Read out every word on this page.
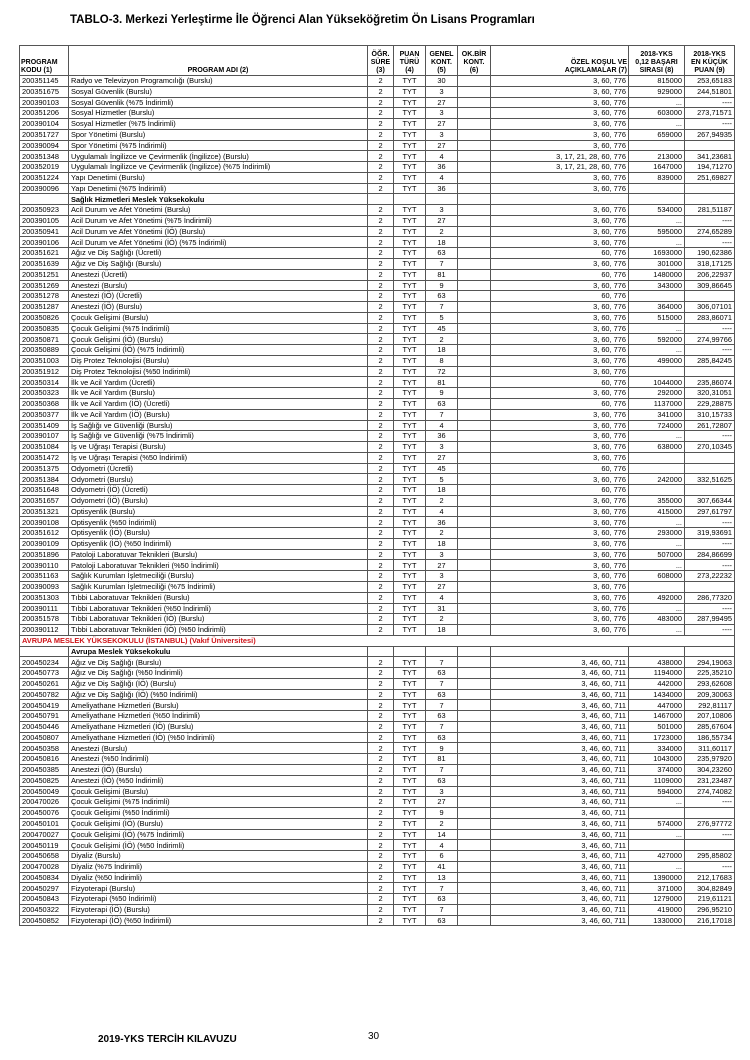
TABLO-3. Merkezi Yerleştirme İle Öğrenci Alan Yükseköğretim Ön Lisans Programları
PROGRAM
KODU (1)	PROGRAM ADI (2)	ÖĞR.
SÜRE
(3)	PUAN
TÜRÜ
(4)	GENEL
KONT.
(5)	OK.BİR
KONT.
(6)	ÖZEL KOŞUL VE
AÇIKLAMALAR (7)	2018-YKS
0,12 BAŞARI
SIRASI (8)	2018-YKS
EN KÜÇÜK
PUAN (9)
200351145	Radyo ve Televizyon Programcılığı (Burslu)	2	TYT	30		3, 60, 776	815000	253,65183
200351675	Sosyal Güvenlik (Burslu)	2	TYT	3		3, 60, 776	929000	244,51801
200390103	Sosyal Güvenlik (%75 İndirimli)	2	TYT	27		3, 60, 776	...	----
200351206	Sosyal Hizmetler (Burslu)	2	TYT	3		3, 60, 776	603000	273,71571
200390104	Sosyal Hizmetler (%75 İndirimli)	2	TYT	27		3, 60, 776	...	----
200351727	Spor Yönetimi (Burslu)	2	TYT	3		3, 60, 776	659000	267,94935
200390094	Spor Yönetimi (%75 İndirimli)	2	TYT	27		3, 60, 776		
200351348	Uygulamalı İngilizce ve Çevirmenlik (İngilizce) (Burslu)	2	TYT	4		3, 17, 21, 28, 60, 776	213000	341,23681
200352019	Uygulamalı İngilizce ve Çevirmenlik (İngilizce) (%75 İndirimli)	2	TYT	36		3, 17, 21, 28, 60, 776	1647000	194,71270
200351224	Yapı Denetimi (Burslu)	2	TYT	4		3, 60, 776	839000	251,69827
200390096	Yapı Denetimi (%75 İndirimli)	2	TYT	36		3, 60, 776		
	Sağlık Hizmetleri Meslek Yüksekokulu							
200350923	Acil Durum ve Afet Yönetimi (Burslu)	2	TYT	3		3, 60, 776	534000	281,51187
200390105	Acil Durum ve Afet Yönetimi (%75 İndirimli)	2	TYT	27		3, 60, 776	...	----
200350941	Acil Durum ve Afet Yönetimi (İÖ) (Burslu)	2	TYT	2		3, 60, 776	595000	274,65289
200390106	Acil Durum ve Afet Yönetimi (İÖ) (%75 İndirimli)	2	TYT	18		3, 60, 776	...	----
200351621	Ağız ve Diş Sağlığı (Ücretli)	2	TYT	63		60, 776	1693000	190,62386
200351639	Ağız ve Diş Sağlığı (Burslu)	2	TYT	7		3, 60, 776	301000	318,17125
200351251	Anestezi (Ücretli)	2	TYT	81		60, 776	1480000	206,22937
200351269	Anestezi (Burslu)	2	TYT	9		3, 60, 776	343000	309,86645
200351278	Anestezi (İÖ) (Ücretli)	2	TYT	63		60, 776		
200351287	Anestezi (İÖ) (Burslu)	2	TYT	7		3, 60, 776	364000	306,07101
200350826	Çocuk Gelişimi (Burslu)	2	TYT	5		3, 60, 776	515000	283,86071
200350835	Çocuk Gelişimi (%75 İndirimli)	2	TYT	45		3, 60, 776	...	----
200350871	Çocuk Gelişimi (İÖ) (Burslu)	2	TYT	2		3, 60, 776	592000	274,99766
200350889	Çocuk Gelişimi (İÖ) (%75 İndirimli)	2	TYT	18		3, 60, 776	...	----
200351003	Diş Protez Teknolojisi (Burslu)	2	TYT	8		3, 60, 776	499000	285,84245
200351912	Diş Protez Teknolojisi (%50 İndirimli)	2	TYT	72		3, 60, 776		
200350314	İlk ve Acil Yardım (Ücretli)	2	TYT	81		60, 776	1044000	235,86074
200350323	İlk ve Acil Yardım (Burslu)	2	TYT	9		3, 60, 776	292000	320,31051
200350368	İlk ve Acil Yardım (İÖ) (Ücretli)	2	TYT	63		60, 776	1137000	229,28875
200350377	İlk ve Acil Yardım (İÖ) (Burslu)	2	TYT	7		3, 60, 776	341000	310,15733
200351409	İş Sağlığı ve Güvenliği (Burslu)	2	TYT	4		3, 60, 776	724000	261,72807
200390107	İş Sağlığı ve Güvenliği (%75 İndirimli)	2	TYT	36		3, 60, 776	...	----
200351084	İş ve Uğraşı Terapisi (Burslu)	2	TYT	3		3, 60, 776	638000	270,10345
200351472	İş ve Uğraşı Terapisi (%50 İndirimli)	2	TYT	27		3, 60, 776		
200351375	Odyometri (Ücretli)	2	TYT	45		60, 776		
200351384	Odyometri (Burslu)	2	TYT	5		3, 60, 776	242000	332,51625
200351648	Odyometri (İÖ) (Ücretli)	2	TYT	18		60, 776		
200351657	Odyometri (İÖ) (Burslu)	2	TYT	2		3, 60, 776	355000	307,66344
200351321	Optisyenlik (Burslu)	2	TYT	4		3, 60, 776	415000	297,61797
200390108	Optisyenlik (%50 İndirimli)	2	TYT	36		3, 60, 776	...	----
200351612	Optisyenlik (İÖ) (Burslu)	2	TYT	2		3, 60, 776	293000	319,93691
200390109	Optisyenlik (İÖ) (%50 İndirimli)	2	TYT	18		3, 60, 776	...	----
200351896	Patoloji Laboratuvar Teknikleri (Burslu)	2	TYT	3		3, 60, 776	507000	284,86699
200390110	Patoloji Laboratuvar Teknikleri (%50 İndirimli)	2	TYT	27		3, 60, 776	...	----
200351163	Sağlık Kurumları İşletmeciliği (Burslu)	2	TYT	3		3, 60, 776	608000	273,22232
200390093	Sağlık Kurumları İşletmeciliği (%75 İndirimli)	2	TYT	27		3, 60, 776		
200351303	Tıbbi Laboratuvar Teknikleri (Burslu)	2	TYT	4		3, 60, 776	492000	286,77320
200390111	Tıbbi Laboratuvar Teknikleri (%50 İndirimli)	2	TYT	31		3, 60, 776	...	----
200351578	Tıbbi Laboratuvar Teknikleri (İÖ) (Burslu)	2	TYT	2		3, 60, 776	483000	287,99495
200390112	Tıbbi Laboratuvar Teknikleri (İÖ) (%50 İndirimli)	2	TYT	18		3, 60, 776	...	----
AVRUPA MESLEK YÜKSEKOKULU (İSTANBUL) (Vakıf Üniversitesi)								
	Avrupa Meslek Yüksekokulu							
200450234	Ağız ve Diş Sağlığı (Burslu)	2	TYT	7		3, 46, 60, 711	438000	294,19063
200450773	Ağız ve Diş Sağlığı (%50 İndirimli)	2	TYT	63		3, 46, 60, 711	1194000	225,35210
200450261	Ağız ve Diş Sağlığı (İÖ) (Burslu)	2	TYT	7		3, 46, 60, 711	442000	293,62608
200450782	Ağız ve Diş Sağlığı (İÖ) (%50 İndirimli)	2	TYT	63		3, 46, 60, 711	1434000	209,30063
200450419	Ameliyathane Hizmetleri (Burslu)	2	TYT	7		3, 46, 60, 711	447000	292,81117
200450791	Ameliyathane Hizmetleri (%50 İndirimli)	2	TYT	63		3, 46, 60, 711	1467000	207,10806
200450446	Ameliyathane Hizmetleri (İÖ) (Burslu)	2	TYT	7		3, 46, 60, 711	501000	285,67604
200450807	Ameliyathane Hizmetleri (İÖ) (%50 İndirimli)	2	TYT	63		3, 46, 60, 711	1723000	186,55734
200450358	Anestezi (Burslu)	2	TYT	9		3, 46, 60, 711	334000	311,60117
200450816	Anestezi (%50 İndirimli)	2	TYT	81		3, 46, 60, 711	1043000	235,97920
200450385	Anestezi (İÖ) (Burslu)	2	TYT	7		3, 46, 60, 711	374000	304,23260
200450825	Anestezi (İÖ) (%50 İndirimli)	2	TYT	63		3, 46, 60, 711	1109000	231,23487
200450049	Çocuk Gelişimi (Burslu)	2	TYT	3		3, 46, 60, 711	594000	274,74082
200470026	Çocuk Gelişimi (%75 İndirimli)	2	TYT	27		3, 46, 60, 711	...	----
200450076	Çocuk Gelişimi (%50 İndirimli)	2	TYT	9		3, 46, 60, 711		
200450101	Çocuk Gelişimi (İÖ) (Burslu)	2	TYT	2		3, 46, 60, 711	574000	276,97772
200470027	Çocuk Gelişimi (İÖ) (%75 İndirimli)	2	TYT	14		3, 46, 60, 711	...	----
200450119	Çocuk Gelişimi (İÖ) (%50 İndirimli)	2	TYT	4		3, 46, 60, 711		
200450658	Diyaliz (Burslu)	2	TYT	6		3, 46, 60, 711	427000	295,85802
200470028	Diyaliz (%75 İndirimli)	2	TYT	41		3, 46, 60, 711	...	----
200450834	Diyaliz (%50 İndirimli)	2	TYT	13		3, 46, 60, 711	1390000	212,17683
200450297	Fizyoterapi (Burslu)	2	TYT	7		3, 46, 60, 711	371000	304,82849
200450843	Fizyoterapi (%50 İndirimli)	2	TYT	63		3, 46, 60, 711	1279000	219,61121
200450322	Fizyoterapi (İÖ) (Burslu)	2	TYT	7		3, 46, 60, 711	419000	296,95210
200450852	Fizyoterapi (İÖ) (%50 İndirimli)	2	TYT	63		3, 46, 60, 711	1330000	216,17018
2019-YKS TERCİH KILAVUZU	30
